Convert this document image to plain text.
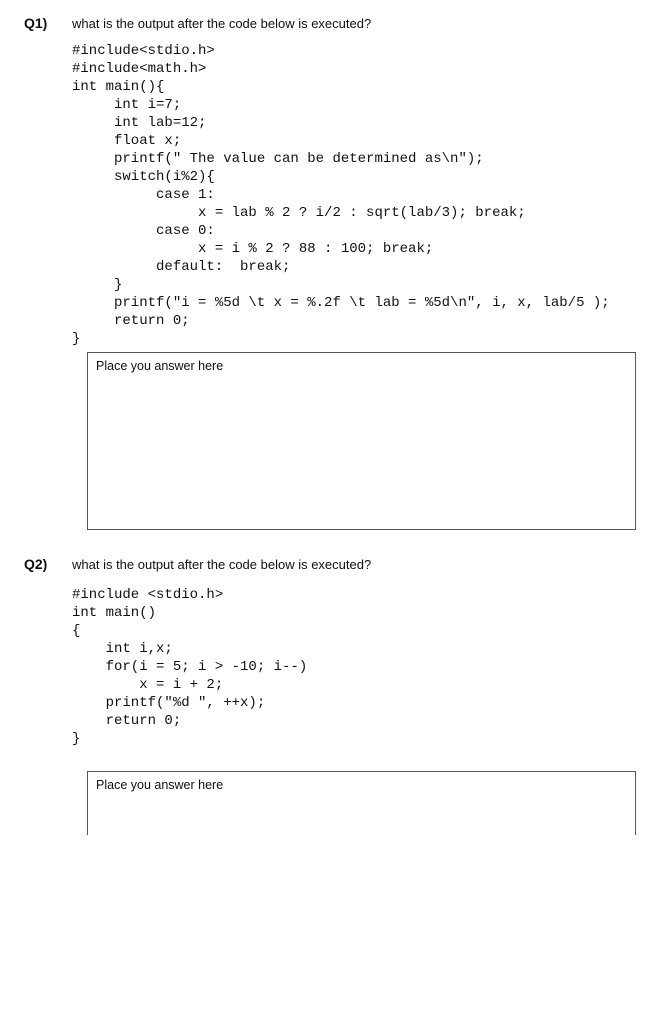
Q1) what is the output after the code below is executed?
#include<stdio.h>
#include<math.h>
int main(){
int i=7;
int lab=12;
float x;
printf(" The value can be determined as\n");
switch(i%2){
case 1:
x = lab % 2 ? i/2 : sqrt(lab/3); break;
case 0:
x = i % 2 ? 88 : 100; break;
default:  break;
}
printf("i = %5d \t x = %.2f \t lab = %5d\n", i, x, lab/5 );
return 0;
}

Place you answer here
Q2) what is the output after the code below is executed?
#include <stdio.h>
int main()
{
int i,x;
for(i = 5; i > -10; i--)
x = i + 2;
printf("%d ", ++x);
return 0;
}

Place you answer here
